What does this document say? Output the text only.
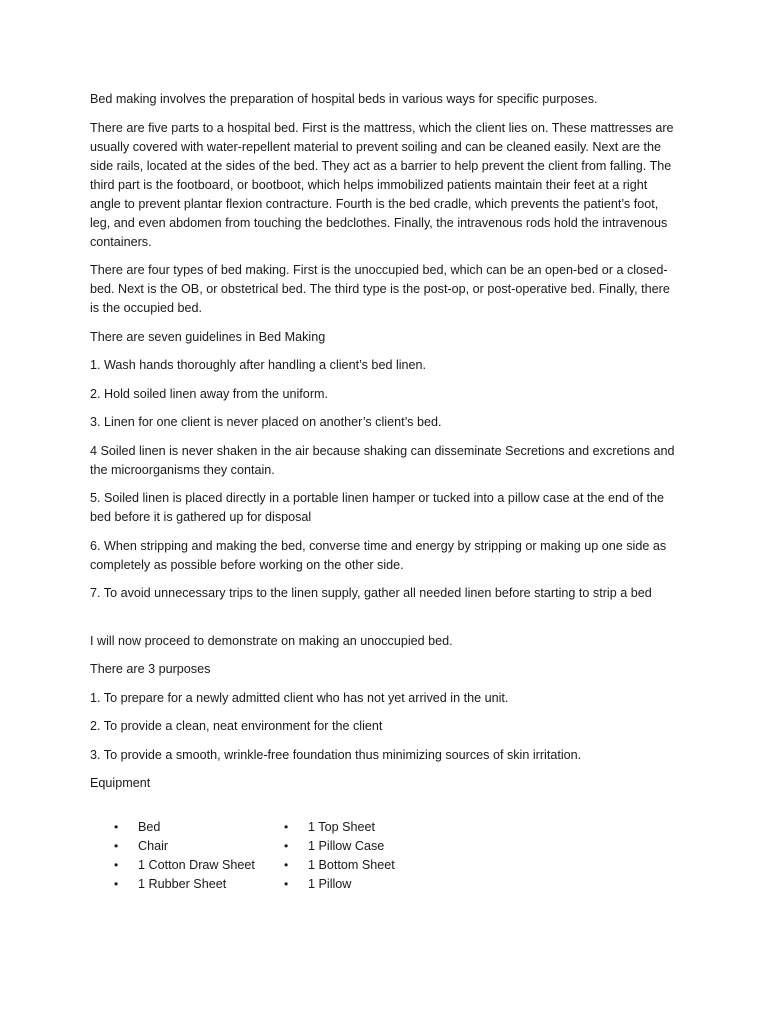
Bed making involves the preparation of hospital beds in various ways for specific purposes.

There are five parts to a hospital bed. First is the mattress, which the client lies on. These mattresses are usually covered with water-repellent material to prevent soiling and can be cleaned easily. Next are the side rails, located at the sides of the bed. They act as a barrier to help prevent the client from falling. The third part is the footboard, or bootboot, which helps immobilized patients maintain their feet at a right angle to prevent plantar flexion contracture. Fourth is the bed cradle, which prevents the patient’s foot, leg, and even abdomen from touching the bedclothes. Finally, the intravenous rods hold the intravenous containers.

There are four types of bed making. First is the unoccupied bed, which can be an open-bed or a closed-bed. Next is the OB, or obstetrical bed. The third type is the post-op, or post-operative bed. Finally, there is the occupied bed.

There are seven guidelines in Bed Making

1. Wash hands thoroughly after handling a client’s bed linen.

2. Hold soiled linen away from the uniform.

3. Linen for one client is never placed on another’s client’s bed.

4 Soiled linen is never shaken in the air because shaking can disseminate Secretions and excretions and the microorganisms they contain.

5. Soiled linen is placed directly in a portable linen hamper or tucked into a pillow case at the end of the bed before it is gathered up for disposal

6. When stripping and making the bed, converse time and energy by stripping or making up one side as completely as possible before working on the other side.

7. To avoid unnecessary trips to the linen supply, gather all needed linen before starting to strip a bed

I will now proceed to demonstrate on making an unoccupied bed.

There are 3 purposes

1. To prepare for a newly admitted client who has not yet arrived in the unit.

2. To provide a clean, neat environment for the client

3. To provide a smooth, wrinkle-free foundation thus minimizing sources of skin irritation.

Equipment

• Bed
• Chair
• 1 Cotton Draw Sheet
• 1 Rubber Sheet
• 1 Top Sheet
• 1 Pillow Case
• 1 Bottom Sheet
• 1 Pillow
